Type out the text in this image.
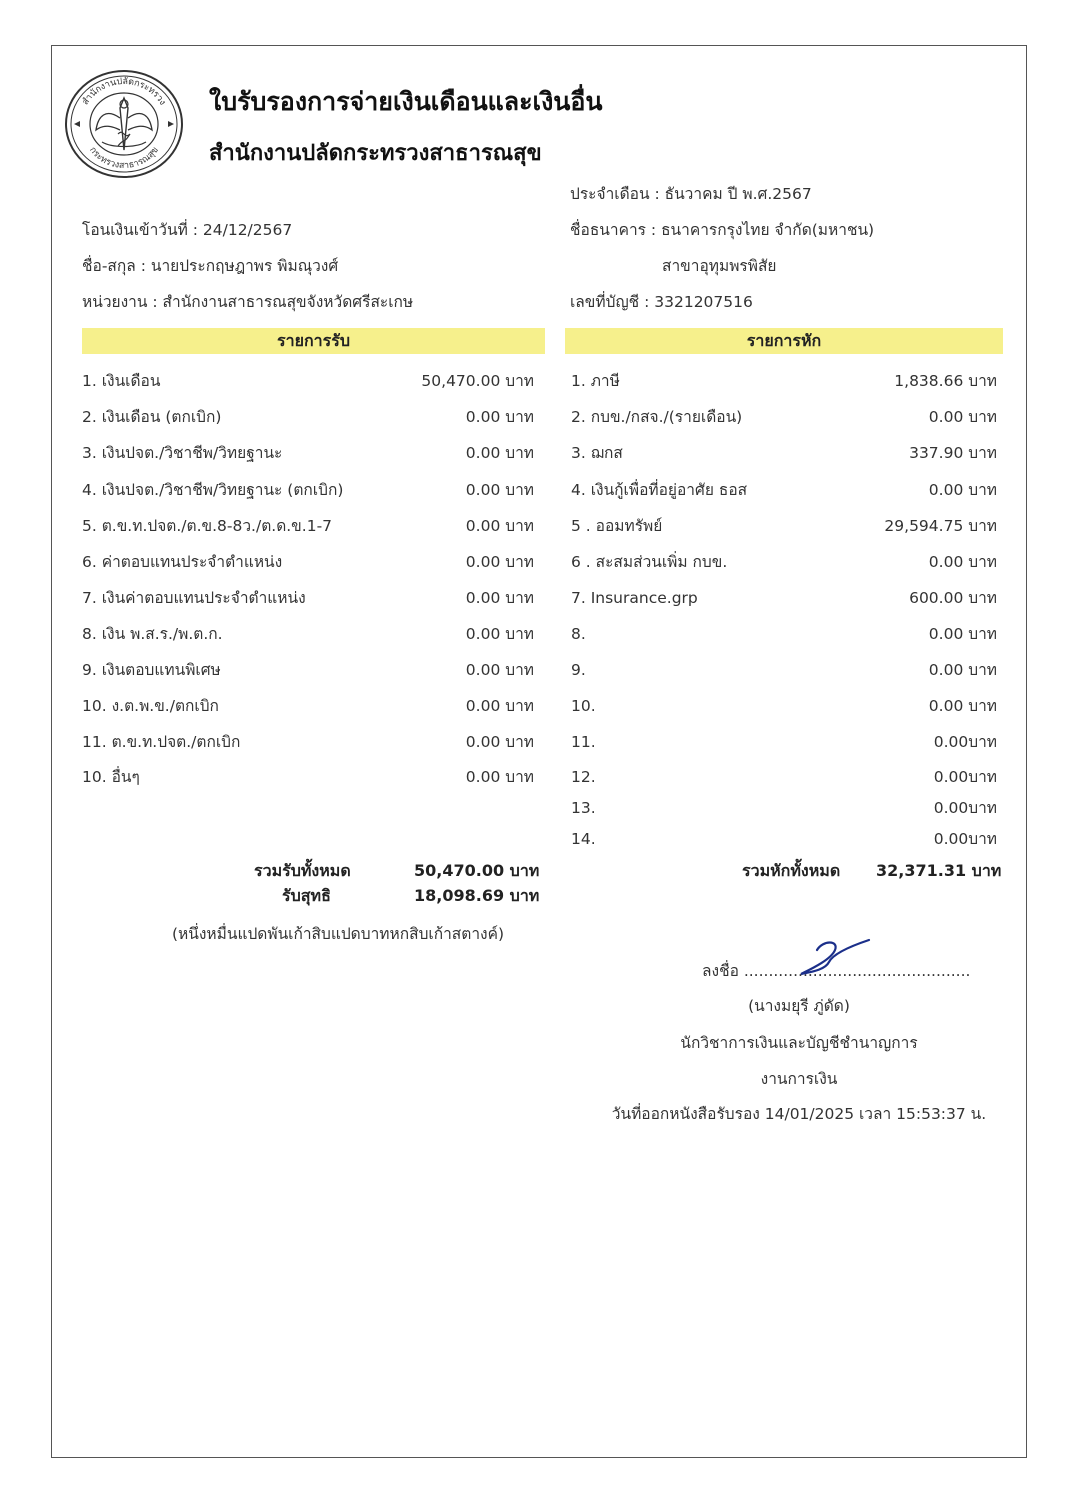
สำนักงานปลัดกระทรวง
กระทรวงสาธารณสุข
ใบรับรองการจ่ายเงินเดือนและเงินอื่น
สำนักงานปลัดกระทรวงสาธารณสุข
ประจำเดือน : ธันวาคม ปี พ.ศ.2567
โอนเงินเข้าวันที่ : 24/12/2567	ชื่อธนาคาร : ธนาคารกรุงไทย จำกัด(มหาชน)
ชื่อ-สกุล : นายประกฤษฎาพร พิมณุวงศ์	สาขาอุทุมพรพิสัย
หน่วยงาน : สำนักงานสาธารณสุขจังหวัดศรีสะเกษ	เลขที่บัญชี : 3321207516
รายการรับ	รายการหัก
1. เงินเดือน	50,470.00 บาท
2. เงินเดือน (ตกเบิก)	0.00 บาท
3. เงินปจต./วิชาชีพ/วิทยฐานะ	0.00 บาท
4. เงินปจต./วิชาชีพ/วิทยฐานะ (ตกเบิก)	0.00 บาท
5. ต.ข.ท.ปจต./ต.ข.8-8ว./ต.ด.ข.1-7	0.00 บาท
6. ค่าตอบแทนประจำตำแหน่ง	0.00 บาท
7. เงินค่าตอบแทนประจำตำแหน่ง	0.00 บาท
8. เงิน พ.ส.ร./พ.ต.ก.	0.00 บาท
9. เงินตอบแทนพิเศษ	0.00 บาท
10. ง.ต.พ.ข./ตกเบิก	0.00 บาท
11. ต.ข.ท.ปจต./ตกเบิก	0.00 บาท
10. อื่นๆ	0.00 บาท
1. ภาษี	1,838.66 บาท
2. กบข./กสจ./(รายเดือน)	0.00 บาท
3. ฌกส	337.90 บาท
4. เงินกู้เพื่อที่อยู่อาศัย ธอส	0.00 บาท
5 . ออมทรัพย์	29,594.75 บาท
6 . สะสมส่วนเพิ่ม กบข.	0.00 บาท
7. Insurance.grp	600.00 บาท
8.	0.00 บาท
9.	0.00 บาท
10.	0.00 บาท
11.	0.00บาท
12.	0.00บาท
13.	0.00บาท
14.	0.00บาท
รวมรับทั้งหมด	50,470.00 บาท
รับสุทธิ	18,098.69 บาท
(หนึ่งหมื่นแปดพันเก้าสิบแปดบาทหกสิบเก้าสตางค์)
รวมหักทั้งหมด 32,371.31 บาท
ลงชื่อ ..............................................
(นางมยุรี ภู่ดัด)
นักวิชาการเงินและบัญชีชำนาญการ
งานการเงิน
วันที่ออกหนังสือรับรอง 14/01/2025 เวลา 15:53:37 น.
